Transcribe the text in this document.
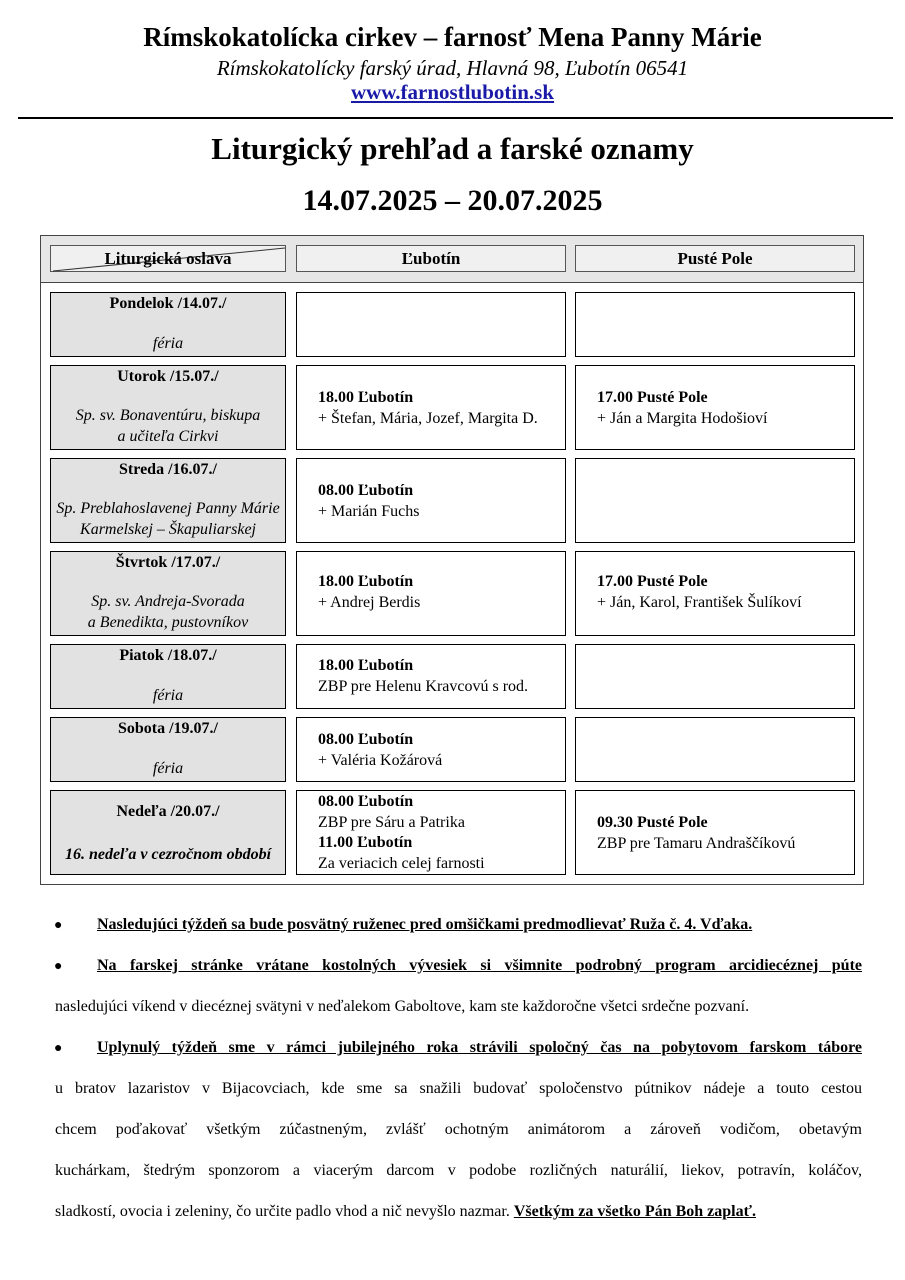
Rímskokatolícka cirkev – farnosť Mena Panny Márie
Rímskokatolícky farský úrad, Hlavná 98, Ľubotín 06541
www.farnostlubotin.sk
Liturgický prehľad a farské oznamy
14.07.2025 – 20.07.2025
Liturgická oslava	Ľubotín	Pusté Pole
Pondelok /14.07./
féria
Utorok /15.07./
Sp. sv. Bonaventúru, biskupa
a učiteľa Cirkvi
18.00 Ľubotín
+ Štefan, Mária, Jozef, Margita D.
17.00 Pusté Pole
+ Ján a Margita Hodošioví
Streda /16.07./
Sp. Preblahoslavenej Panny Márie
Karmelskej – Škapuliarskej
08.00 Ľubotín
+ Marián Fuchs
Štvrtok /17.07./
Sp. sv. Andreja-Svorada
a Benedikta, pustovníkov
18.00 Ľubotín
+ Andrej Berdis
17.00 Pusté Pole
+ Ján, Karol, František Šulíkoví
Piatok /18.07./
féria
18.00 Ľubotín
ZBP pre Helenu Kravcovú s rod.
Sobota /19.07./
féria
08.00 Ľubotín
+ Valéria Kožárová
Nedeľa /20.07./
16. nedeľa v cezročnom období
08.00 Ľubotín
ZBP pre Sáru a Patrika
11.00 Ľubotín
Za veriacich celej farnosti
09.30 Pusté Pole
ZBP pre Tamaru Andraščíkovú
● Nasledujúci týždeň sa bude posvätný ruženec pred omšičkami predmodlievať Ruža č. 4. Vďaka.
● Na farskej stránke vrátane kostolných vývesiek si všimnite podrobný program arcidiecéznej púte
nasledujúci víkend v diecéznej svätyni v neďalekom Gaboltove, kam ste každoročne všetci srdečne pozvaní.
● Uplynulý týždeň sme v rámci jubilejného roka strávili spoločný čas na pobytovom farskom tábore
u bratov lazaristov v Bijacovciach, kde sme sa snažili budovať spoločenstvo pútnikov nádeje a touto cestou
chcem poďakovať všetkým zúčastneným, zvlášť ochotným animátorom a zároveň vodičom, obetavým
kuchárkam, štedrým sponzorom a viacerým darcom v podobe rozličných naturálií, liekov, potravín, koláčov,
sladkostí, ovocia i zeleniny, čo určite padlo vhod a nič nevyšlo nazmar. Všetkým za všetko Pán Boh zaplať.
